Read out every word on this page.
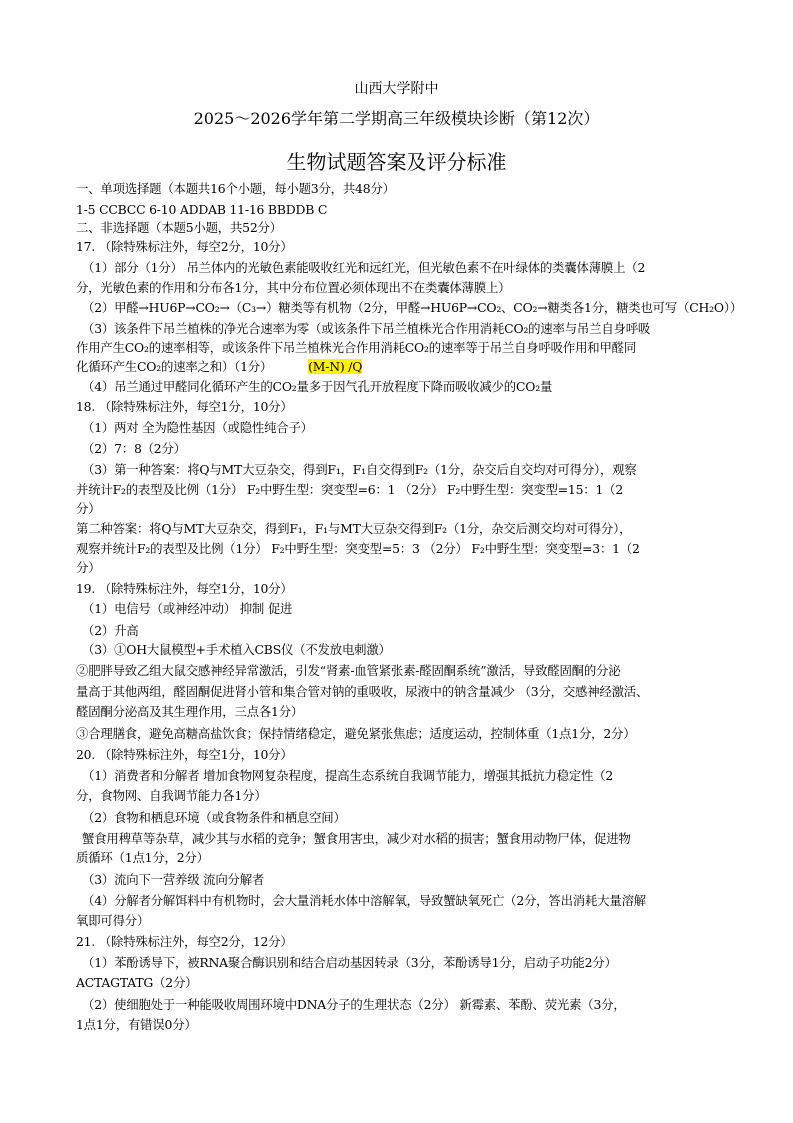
山西大学附中
2025～2026学年第二学期高三年级模块诊断（第12次）
生物试题答案及评分标准
一、单项选择题（本题共16个小题，每小题3分，共48分）
1-5 CCBCC 6-10 ADDAB 11-16 BBDDB C
二、非选择题（本题5小题，共52分）
17. （除特殊标注外，每空2分，10分）
（1）部分（1分） 吊兰体内的光敏色素能吸收红光和远红光，但光敏色素不在叶绿体的类囊体薄膜上（2
分，光敏色素的作用和分布各1分，其中分布位置必须体现出不在类囊体薄膜上）
（2）甲醛→HU6P→CO₂→（C₃→）糖类等有机物（2分，甲醛→HU6P→CO₂、CO₂→糖类各1分，糖类也可写（CH₂O））
（3）该条件下吊兰植株的净光合速率为零（或该条件下吊兰植株光合作用消耗CO₂的速率与吊兰自身呼吸
作用产生CO₂的速率相等，或该条件下吊兰植株光合作用消耗CO₂的速率等于吊兰自身呼吸作用和甲醛同
化循环产生CO₂的速率之和）（1分）	(M-N) /Q
（4）吊兰通过甲醛同化循环产生的CO₂量多于因气孔开放程度下降而吸收减少的CO₂量
18. （除特殊标注外，每空1分，10分）
（1）两对 全为隐性基因（或隐性纯合子）
（2）7：8（2分）
（3）第一种答案：将Q与MT大豆杂交，得到F₁，F₁自交得到F₂（1分，杂交后自交均对可得分），观察
并统计F₂的表型及比例（1分） F₂中野生型：突变型=6：1 （2分） F₂中野生型：突变型=15：1（2
分）
第二种答案：将Q与MT大豆杂交，得到F₁，F₁与MT大豆杂交得到F₂（1分，杂交后测交均对可得分），
观察并统计F₂的表型及比例（1分） F₂中野生型：突变型=5：3 （2分） F₂中野生型：突变型=3：1（2
分）
19. （除特殊标注外，每空1分，10分）
（1）电信号（或神经冲动） 抑制 促进
（2）升高
（3）①OH大鼠模型+手术植入CBS仪（不发放电刺激）
②肥胖导致乙组大鼠交感神经异常激活，引发“肾素-血管紧张素-醛固酮系统”激活，导致醛固酮的分泌
量高于其他两组，醛固酮促进肾小管和集合管对钠的重吸收，尿液中的钠含量减少 （3分，交感神经激活、
醛固酮分泌高及其生理作用，三点各1分）
③合理膳食，避免高糖高盐饮食；保持情绪稳定，避免紧张焦虑；适度运动，控制体重（1点1分，2分）
20. （除特殊标注外，每空1分，10分）
（1）消费者和分解者 增加食物网复杂程度，提高生态系统自我调节能力，增强其抵抗力稳定性（2
分，食物网、自我调节能力各1分）
（2）食物和栖息环境（或食物条件和栖息空间）
蟹食用稗草等杂草，减少其与水稻的竞争；蟹食用害虫，减少对水稻的损害；蟹食用动物尸体，促进物
质循环（1点1分，2分）
（3）流向下一营养级 流向分解者
（4）分解者分解饵料中有机物时，会大量消耗水体中溶解氧，导致蟹缺氧死亡（2分，答出消耗大量溶解
氧即可得分）
21. （除特殊标注外，每空2分，12分）
（1）苯酚诱导下，被RNA聚合酶识别和结合启动基因转录（3分，苯酚诱导1分，启动子功能2分）
ACTAGTATG（2分）
（2）使细胞处于一种能吸收周围环境中DNA分子的生理状态（2分） 新霉素、苯酚、荧光素（3分，
1点1分，有错误0分）
